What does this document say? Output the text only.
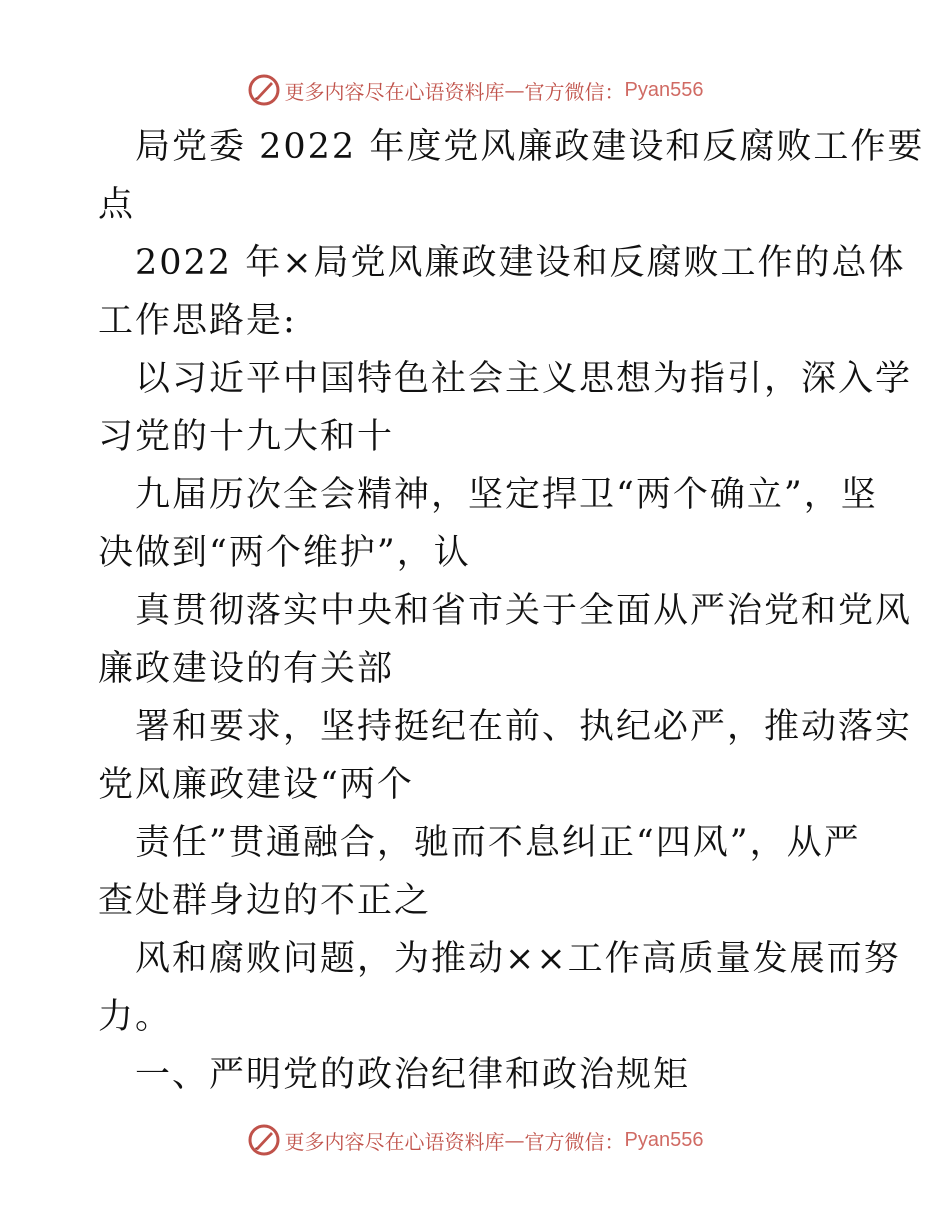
更多内容尽在心语资料库 — 官方微信： Pyan556
局党委 2022 年度党风廉政建设和反腐败工作要
点
2022 年×局党风廉政建设和反腐败工作的总体
工作思路是:
以习近平中国特色社会主义思想为指引，深入学
习党的十九大和十
九届历次全会精神，坚定捍卫“两个确立”，坚
决做到“两个维护”，认
真贯彻落实中央和省市关于全面从严治党和党风
廉政建设的有关部
署和要求，坚持挺纪在前、执纪必严，推动落实
党风廉政建设“两个
责任”贯通融合，驰而不息纠正“四风”，从严
查处群身边的不正之
风和腐败问题，为推动××工作高质量发展而努
力。
一、严明党的政治纪律和政治规矩
更多内容尽在心语资料库 — 官方微信： Pyan556
